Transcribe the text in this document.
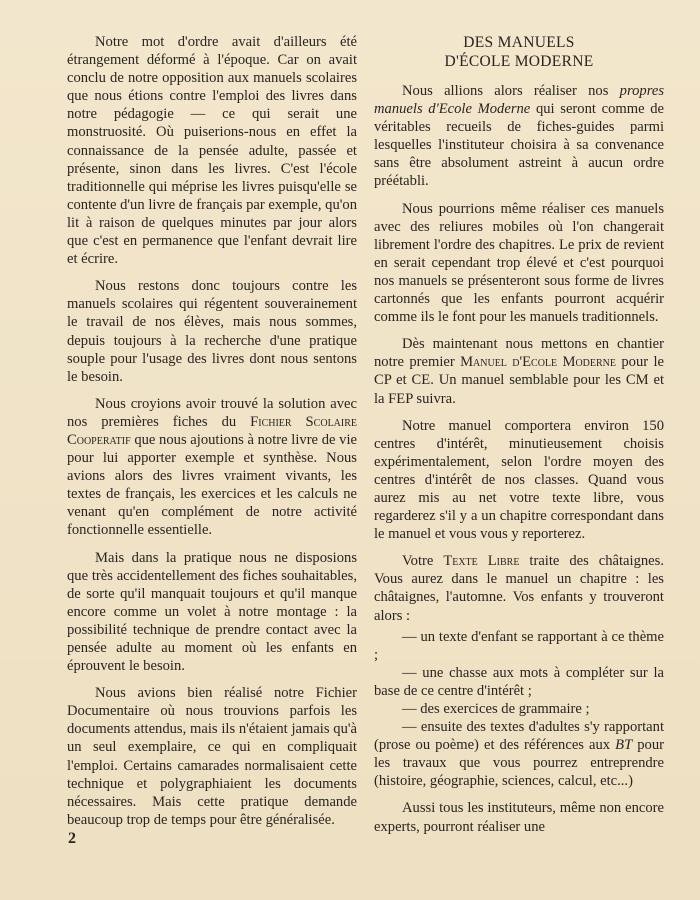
Notre mot d'ordre avait d'ailleurs été étrangement déformé à l'époque. Car on avait conclu de notre opposition aux manuels scolaires que nous étions contre l'emploi des livres dans notre pédagogie — ce qui serait une monstruosité. Où puiserions-nous en effet la connaissance de la pensée adulte, passée et présente, sinon dans les livres. C'est l'école traditionnelle qui méprise les livres puisqu'elle se contente d'un livre de français par exemple, qu'on lit à raison de quelques minutes par jour alors que c'est en permanence que l'enfant devrait lire et écrire.

Nous restons donc toujours contre les manuels scolaires qui régentent souverainement le travail de nos élèves, mais nous sommes, depuis toujours à la recherche d'une pratique souple pour l'usage des livres dont nous sentons le besoin.

Nous croyions avoir trouvé la solution avec nos premières fiches du Fichier Scolaire Cooperatif que nous ajoutions à notre livre de vie pour lui apporter exemple et synthèse. Nous avions alors des livres vraiment vivants, les textes de français, les exercices et les calculs ne venant qu'en complément de notre activité fonctionnelle essentielle.

Mais dans la pratique nous ne disposions que très accidentellement des fiches souhaitables, de sorte qu'il manquait toujours et qu'il manque encore comme un volet à notre montage : la possibilité technique de prendre contact avec la pensée adulte au moment où les enfants en éprouvent le besoin.

Nous avions bien réalisé notre Fichier Documentaire où nous trouvions parfois les documents attendus, mais ils n'étaient jamais qu'à un seul exemplaire, ce qui en compliquait l'emploi. Certains camarades normalisaient cette technique et polygraphiaient les documents nécessaires. Mais cette pratique demande beaucoup trop de temps pour être généralisée.

DES MANUELS
D'ÉCOLE MODERNE

Nous allions alors réaliser nos propres manuels d'Ecole Moderne qui seront comme de véritables recueils de fiches-guides parmi lesquelles l'instituteur choisira à sa convenance sans être absolument astreint à aucun ordre préétabli.

Nous pourrions même réaliser ces manuels avec des reliures mobiles où l'on changerait librement l'ordre des chapitres. Le prix de revient en serait cependant trop élevé et c'est pourquoi nos manuels se présenteront sous forme de livres cartonnés que les enfants pourront acquérir comme ils le font pour les manuels traditionnels.

Dès maintenant nous mettons en chantier notre premier Manuel d'Ecole Moderne pour le CP et CE. Un manuel semblable pour les CM et la FEP suivra.

Notre manuel comportera environ 150 centres d'intérêt, minutieusement choisis expérimentalement, selon l'ordre moyen des centres d'intérêt de nos classes. Quand vous aurez mis au net votre texte libre, vous regarderez s'il y a un chapitre correspondant dans le manuel et vous vous y reporterez.

Votre Texte Libre traite des châtaignes. Vous aurez dans le manuel un chapitre : les châtaignes, l'automne. Vos enfants y trouveront alors :

— un texte d'enfant se rapportant à ce thème ;

— une chasse aux mots à compléter sur la base de ce centre d'intérêt ;

— des exercices de grammaire ;

— ensuite des textes d'adultes s'y rapportant (prose ou poème) et des références aux BT pour les travaux que vous pourrez entreprendre (histoire, géographie, sciences, calcul, etc...)

Aussi tous les instituteurs, même non encore experts, pourront réaliser une

2
